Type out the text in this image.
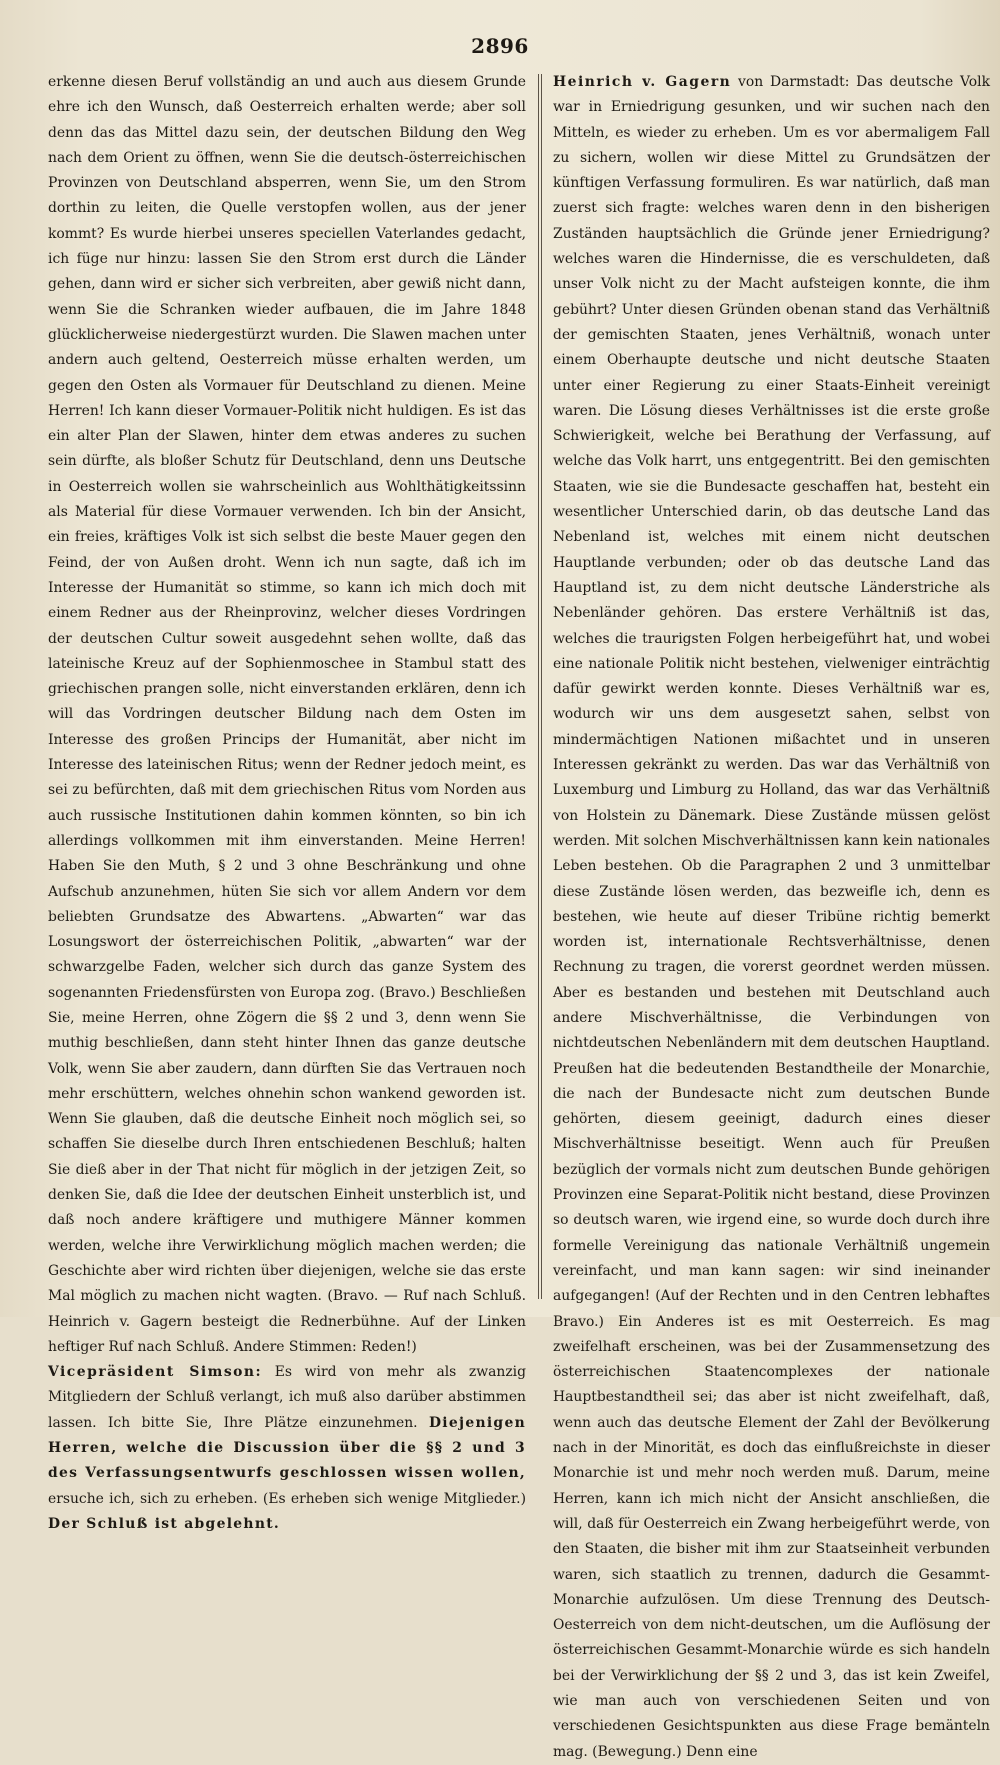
2896

erkenne diesen Beruf vollständig an und auch aus diesem Grunde ehre ich den Wunsch, daß Oesterreich erhalten werde; aber soll denn das das Mittel dazu sein, der deutschen Bildung den Weg nach dem Orient zu öffnen, wenn Sie die deutsch-österreichischen Provinzen von Deutschland absperren, wenn Sie, um den Strom dorthin zu leiten, die Quelle verstopfen wollen, aus der jener kommt? Es wurde hierbei unseres speciellen Vaterlandes gedacht, ich füge nur hinzu: lassen Sie den Strom erst durch die Länder gehen, dann wird er sicher sich verbreiten, aber gewiß nicht dann, wenn Sie die Schranken wieder aufbauen, die im Jahre 1848 glücklicherweise niedergestürzt wurden. Die Slawen machen unter andern auch geltend, Oesterreich müsse erhalten werden, um gegen den Osten als Vormauer für Deutschland zu dienen. Meine Herren! Ich kann dieser Vormauer-Politik nicht huldigen. Es ist das ein alter Plan der Slawen, hinter dem etwas anderes zu suchen sein dürfte, als bloßer Schutz für Deutschland, denn uns Deutsche in Oesterreich wollen sie wahrscheinlich aus Wohlthätigkeitssinn als Material für diese Vormauer verwenden. Ich bin der Ansicht, ein freies, kräftiges Volk ist sich selbst die beste Mauer gegen den Feind, der von Außen droht. Wenn ich nun sagte, daß ich im Interesse der Humanität so stimme, so kann ich mich doch mit einem Redner aus der Rheinprovinz, welcher dieses Vordringen der deutschen Cultur soweit ausgedehnt sehen wollte, daß das lateinische Kreuz auf der Sophienmoschee in Stambul statt des griechischen prangen solle, nicht einverstanden erklären, denn ich will das Vordringen deutscher Bildung nach dem Osten im Interesse des großen Princips der Humanität, aber nicht im Interesse des lateinischen Ritus; wenn der Redner jedoch meint, es sei zu befürchten, daß mit dem griechischen Ritus vom Norden aus auch russische Institutionen dahin kommen könnten, so bin ich allerdings vollkommen mit ihm einverstanden. Meine Herren! Haben Sie den Muth, § 2 und 3 ohne Beschränkung und ohne Aufschub anzunehmen, hüten Sie sich vor allem Andern vor dem beliebten Grundsatze des Abwartens. „Abwarten“ war das Losungswort der österreichischen Politik, „abwarten“ war der schwarzgelbe Faden, welcher sich durch das ganze System des sogenannten Friedensfürsten von Europa zog. (Bravo.) Beschließen Sie, meine Herren, ohne Zögern die §§ 2 und 3, denn wenn Sie muthig beschließen, dann steht hinter Ihnen das ganze deutsche Volk, wenn Sie aber zaudern, dann dürften Sie das Vertrauen noch mehr erschüttern, welches ohnehin schon wankend geworden ist. Wenn Sie glauben, daß die deutsche Einheit noch möglich sei, so schaffen Sie dieselbe durch Ihren entschiedenen Beschluß; halten Sie dieß aber in der That nicht für möglich in der jetzigen Zeit, so denken Sie, daß die Idee der deutschen Einheit unsterblich ist, und daß noch andere kräftigere und muthigere Männer kommen werden, welche ihre Verwirklichung möglich machen werden; die Geschichte aber wird richten über diejenigen, welche sie das erste Mal möglich zu machen nicht wagten. (Bravo. — Ruf nach Schluß. Heinrich v. Gagern besteigt die Rednerbühne. Auf der Linken heftiger Ruf nach Schluß. Andere Stimmen: Reden!)

Vicepräsident Simson: Es wird von mehr als zwanzig Mitgliedern der Schluß verlangt, ich muß also darüber abstimmen lassen. Ich bitte Sie, Ihre Plätze einzunehmen. Diejenigen Herren, welche die Discussion über die §§ 2 und 3 des Verfassungsentwurfs geschlossen wissen wollen, ersuche ich, sich zu erheben. (Es erheben sich wenige Mitglieder.) Der Schluß ist abgelehnt.

Heinrich v. Gagern von Darmstadt: Das deutsche Volk war in Erniedrigung gesunken, und wir suchen nach den Mitteln, es wieder zu erheben. Um es vor abermaligem Fall zu sichern, wollen wir diese Mittel zu Grundsätzen der künftigen Verfassung formuliren. Es war natürlich, daß man zuerst sich fragte: welches waren denn in den bisherigen Zuständen hauptsächlich die Gründe jener Erniedrigung? welches waren die Hindernisse, die es verschuldeten, daß unser Volk nicht zu der Macht aufsteigen konnte, die ihm gebührt? Unter diesen Gründen obenan stand das Verhältniß der gemischten Staaten, jenes Verhältniß, wonach unter einem Oberhaupte deutsche und nicht deutsche Staaten unter einer Regierung zu einer Staats-Einheit vereinigt waren. Die Lösung dieses Verhältnisses ist die erste große Schwierigkeit, welche bei Berathung der Verfassung, auf welche das Volk harrt, uns entgegentritt. Bei den gemischten Staaten, wie sie die Bundesacte geschaffen hat, besteht ein wesentlicher Unterschied darin, ob das deutsche Land das Nebenland ist, welches mit einem nicht deutschen Hauptlande verbunden; oder ob das deutsche Land das Hauptland ist, zu dem nicht deutsche Länderstriche als Nebenländer gehören. Das erstere Verhältniß ist das, welches die traurigsten Folgen herbeigeführt hat, und wobei eine nationale Politik nicht bestehen, vielweniger einträchtig dafür gewirkt werden konnte. Dieses Verhältniß war es, wodurch wir uns dem ausgesetzt sahen, selbst von mindermächtigen Nationen mißachtet und in unseren Interessen gekränkt zu werden. Das war das Verhältniß von Luxemburg und Limburg zu Holland, das war das Verhältniß von Holstein zu Dänemark. Diese Zustände müssen gelöst werden. Mit solchen Mischverhältnissen kann kein nationales Leben bestehen. Ob die Paragraphen 2 und 3 unmittelbar diese Zustände lösen werden, das bezweifle ich, denn es bestehen, wie heute auf dieser Tribüne richtig bemerkt worden ist, internationale Rechtsverhältnisse, denen Rechnung zu tragen, die vorerst geordnet werden müssen. Aber es bestanden und bestehen mit Deutschland auch andere Mischverhältnisse, die Verbindungen von nichtdeutschen Nebenländern mit dem deutschen Hauptland. Preußen hat die bedeutenden Bestandtheile der Monarchie, die nach der Bundesacte nicht zum deutschen Bunde gehörten, diesem geeinigt, dadurch eines dieser Mischverhältnisse beseitigt. Wenn auch für Preußen bezüglich der vormals nicht zum deutschen Bunde gehörigen Provinzen eine Separat-Politik nicht bestand, diese Provinzen so deutsch waren, wie irgend eine, so wurde doch durch ihre formelle Vereinigung das nationale Verhältniß ungemein vereinfacht, und man kann sagen: wir sind ineinander aufgegangen! (Auf der Rechten und in den Centren lebhaftes Bravo.) Ein Anderes ist es mit Oesterreich. Es mag zweifelhaft erscheinen, was bei der Zusammensetzung des österreichischen Staatencomplexes der nationale Hauptbestandtheil sei; das aber ist nicht zweifelhaft, daß, wenn auch das deutsche Element der Zahl der Bevölkerung nach in der Minorität, es doch das einflußreichste in dieser Monarchie ist und mehr noch werden muß. Darum, meine Herren, kann ich mich nicht der Ansicht anschließen, die will, daß für Oesterreich ein Zwang herbeigeführt werde, von den Staaten, die bisher mit ihm zur Staatseinheit verbunden waren, sich staatlich zu trennen, dadurch die Gesammt-Monarchie aufzulösen. Um diese Trennung des Deutsch-Oesterreich von dem nicht-deutschen, um die Auflösung der österreichischen Gesammt-Monarchie würde es sich handeln bei der Verwirklichung der §§ 2 und 3, das ist kein Zweifel, wie man auch von verschiedenen Seiten und von verschiedenen Gesichtspunkten aus diese Frage bemänteln mag. (Bewegung.) Denn eine
